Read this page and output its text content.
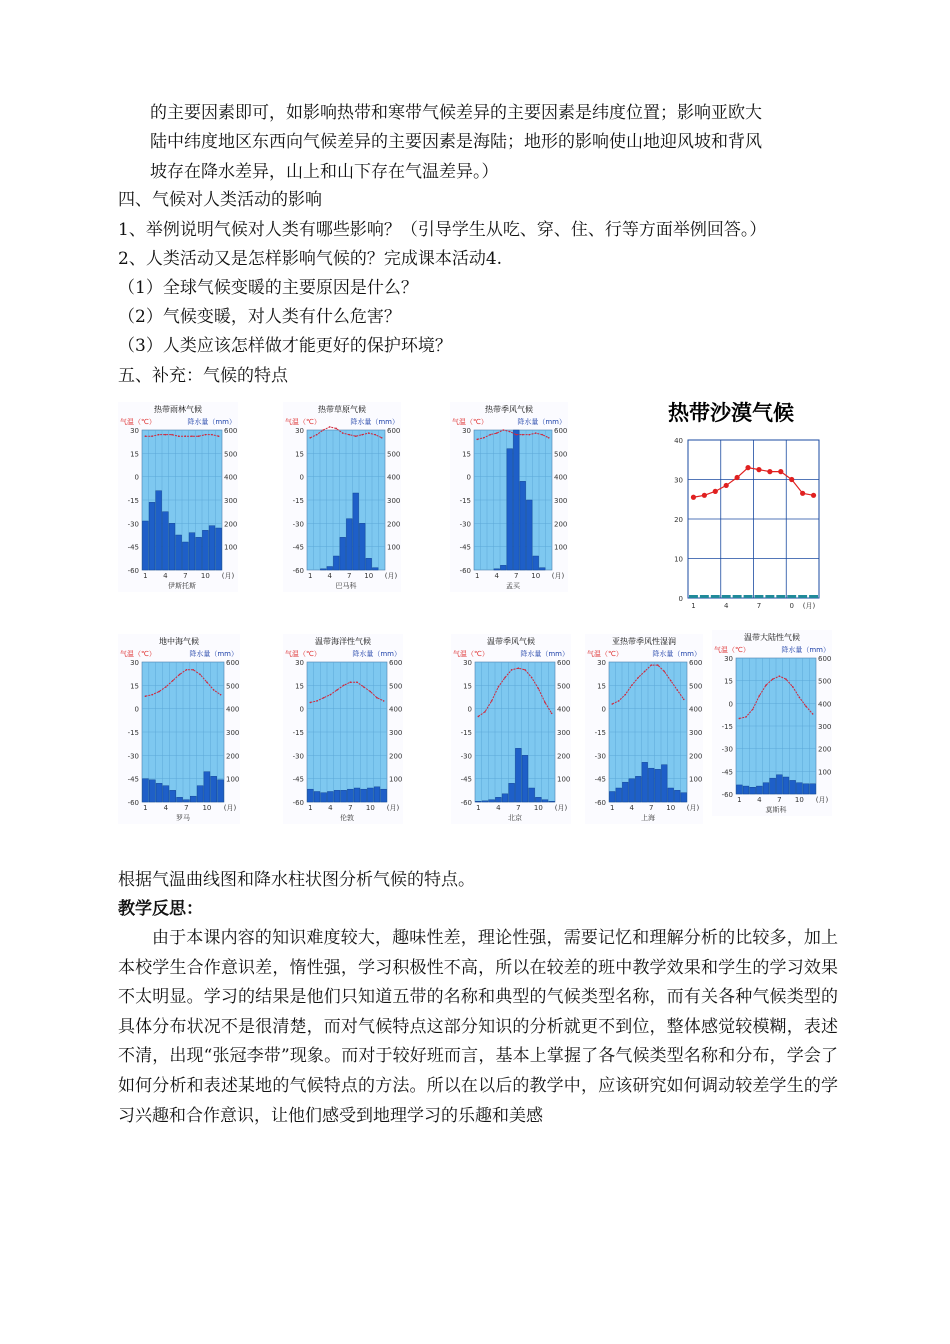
的主要因素即可，如影响热带和寒带气候差异的主要因素是纬度位置；影响亚欧大
陆中纬度地区东西向气候差异的主要因素是海陆；地形的影响使山地迎风坡和背风
坡存在降水差异，山上和山下存在气温差异。）
四、气候对人类活动的影响
1、举例说明气候对人类有哪些影响？（引导学生从吃、穿、住、行等方面举例回答。）
2、人类活动又是怎样影响气候的？完成课本活动4.
（1）全球气候变暖的主要原因是什么？
（2）气候变暖，对人类有什么危害？
（3）人类应该怎样做才能更好的保护环境？
五、补充：气候的特点
热带雨林气候
气温（℃）	降水量（mm）
30
15
0
-15
-30
-45
-60
600
500
400
300
200
100
1 4 7 10 (月)
伊斯托斯
热带草原气候
气温（℃）	降水量（mm）
30
15
0
-15
-30
-45
-60
600
500
400
300
200
100
1 4 7 10 (月)
巴马科
热带季风气候
气温（℃）	降水量（mm）
30
15
0
-15
-30
-45
-60
600
500
400
300
200
100
1 4 7 10 (月)
孟买
热带沙漠气候
40
30
20
10
0
1	4	7	0 (月)
地中海气候
气温（℃）	降水量（mm）
30
15
0
-15
-30
-45
-60
600
500
400
300
200
100
1 4 7 10 (月)
罗马
温带海洋性气候
气温（℃）	降水量（mm）
30
15
0
-15
-30
-45
-60
600
500
400
300
200
100
1 4 7 10 (月)
伦敦
温带季风气候
气温（℃）	降水量（mm）
30
15
0
-15
-30
-45
-60
600
500
400
300
200
100
1 4 7 10 (月)
北京
亚热带季风性湿润
气温（℃）	降水量（mm）
30
15
0
-15
-30
-45
-60
600
500
400
300
200
100
1 4 7 10 (月)
上海
温带大陆性气候
气温（℃）	降水量（mm）
30
15
0
-15
-30
-45
-60
600
500
400
300
200
100
1 4 7 10 (月)
莫斯科
根据气温曲线图和降水柱状图分析气候的特点。
教学反思：
由于本课内容的知识难度较大，趣味性差，理论性强，需要记忆和理解分析的比较多，加上本校学生合作意识差，惰性强，学习积极性不高，所以在较差的班中教学效果和学生的学习效果不太明显。学习的结果是他们只知道五带的名称和典型的气候类型名称，而有关各种气候类型的具体分布状况不是很清楚，而对气候特点这部分知识的分析就更不到位，整体感觉较模糊，表述不清，出现“张冠李带”现象。而对于较好班而言，基本上掌握了各气候类型名称和分布，学会了如何分析和表述某地的气候特点的方法。所以在以后的教学中，应该研究如何调动较差学生的学习兴趣和合作意识，让他们感受到地理学习的乐趣和美感
